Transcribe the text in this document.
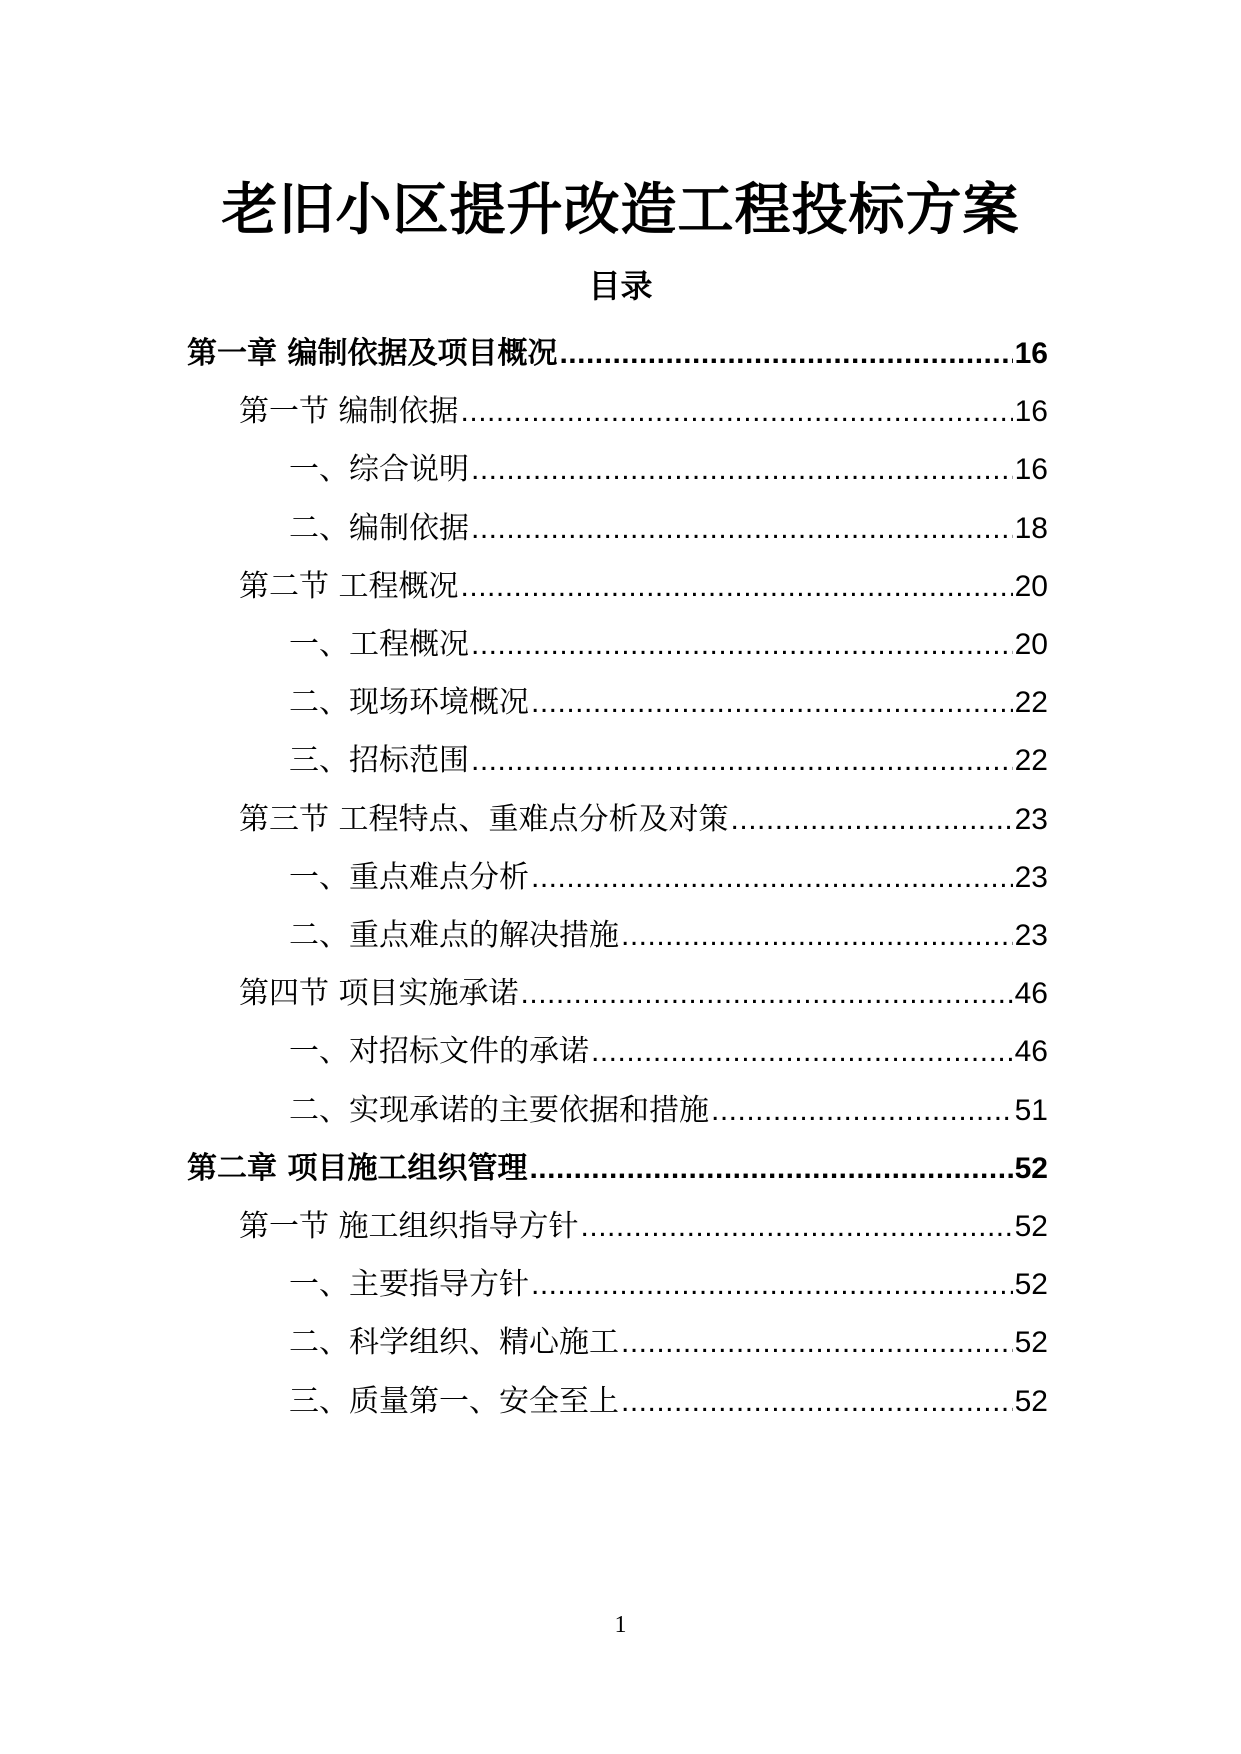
老旧小区提升改造工程投标方案
目录
第一章 编制依据及项目概况 .....	16
第一节 编制依据 .....	16
一、综合说明 .....	16
二、编制依据 .....	18
第二节 工程概况 .....	20
一、工程概况 .....	20
二、现场环境概况 .....	22
三、招标范围 .....	22
第三节 工程特点、重难点分析及对策 .....	23
一、重点难点分析 .....	23
二、重点难点的解决措施 .....	23
第四节 项目实施承诺 .....	46
一、对招标文件的承诺 .....	46
二、实现承诺的主要依据和措施 .....	51
第二章 项目施工组织管理 .....	52
第一节 施工组织指导方针 .....	52
一、主要指导方针 .....	52
二、科学组织、精心施工 .....	52
三、质量第一、安全至上 .....	52
1
